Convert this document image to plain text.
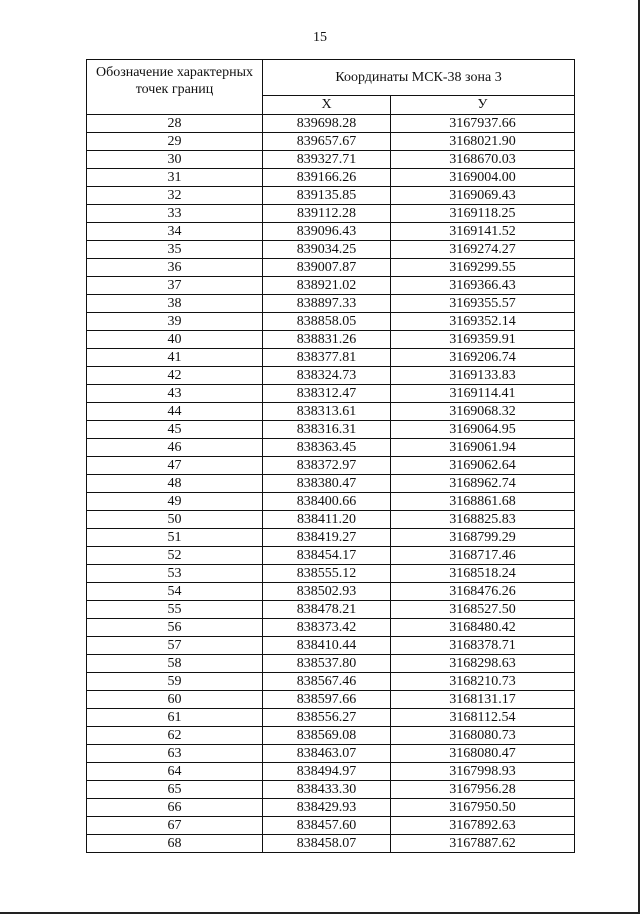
15
Обозначение характерных точек границ	Координаты МСК-38 зона 3	
	X	У
28	839698.28	3167937.66
29	839657.67	3168021.90
30	839327.71	3168670.03
31	839166.26	3169004.00
32	839135.85	3169069.43
33	839112.28	3169118.25
34	839096.43	3169141.52
35	839034.25	3169274.27
36	839007.87	3169299.55
37	838921.02	3169366.43
38	838897.33	3169355.57
39	838858.05	3169352.14
40	838831.26	3169359.91
41	838377.81	3169206.74
42	838324.73	3169133.83
43	838312.47	3169114.41
44	838313.61	3169068.32
45	838316.31	3169064.95
46	838363.45	3169061.94
47	838372.97	3169062.64
48	838380.47	3168962.74
49	838400.66	3168861.68
50	838411.20	3168825.83
51	838419.27	3168799.29
52	838454.17	3168717.46
53	838555.12	3168518.24
54	838502.93	3168476.26
55	838478.21	3168527.50
56	838373.42	3168480.42
57	838410.44	3168378.71
58	838537.80	3168298.63
59	838567.46	3168210.73
60	838597.66	3168131.17
61	838556.27	3168112.54
62	838569.08	3168080.73
63	838463.07	3168080.47
64	838494.97	3167998.93
65	838433.30	3167956.28
66	838429.93	3167950.50
67	838457.60	3167892.63
68	838458.07	3167887.62
